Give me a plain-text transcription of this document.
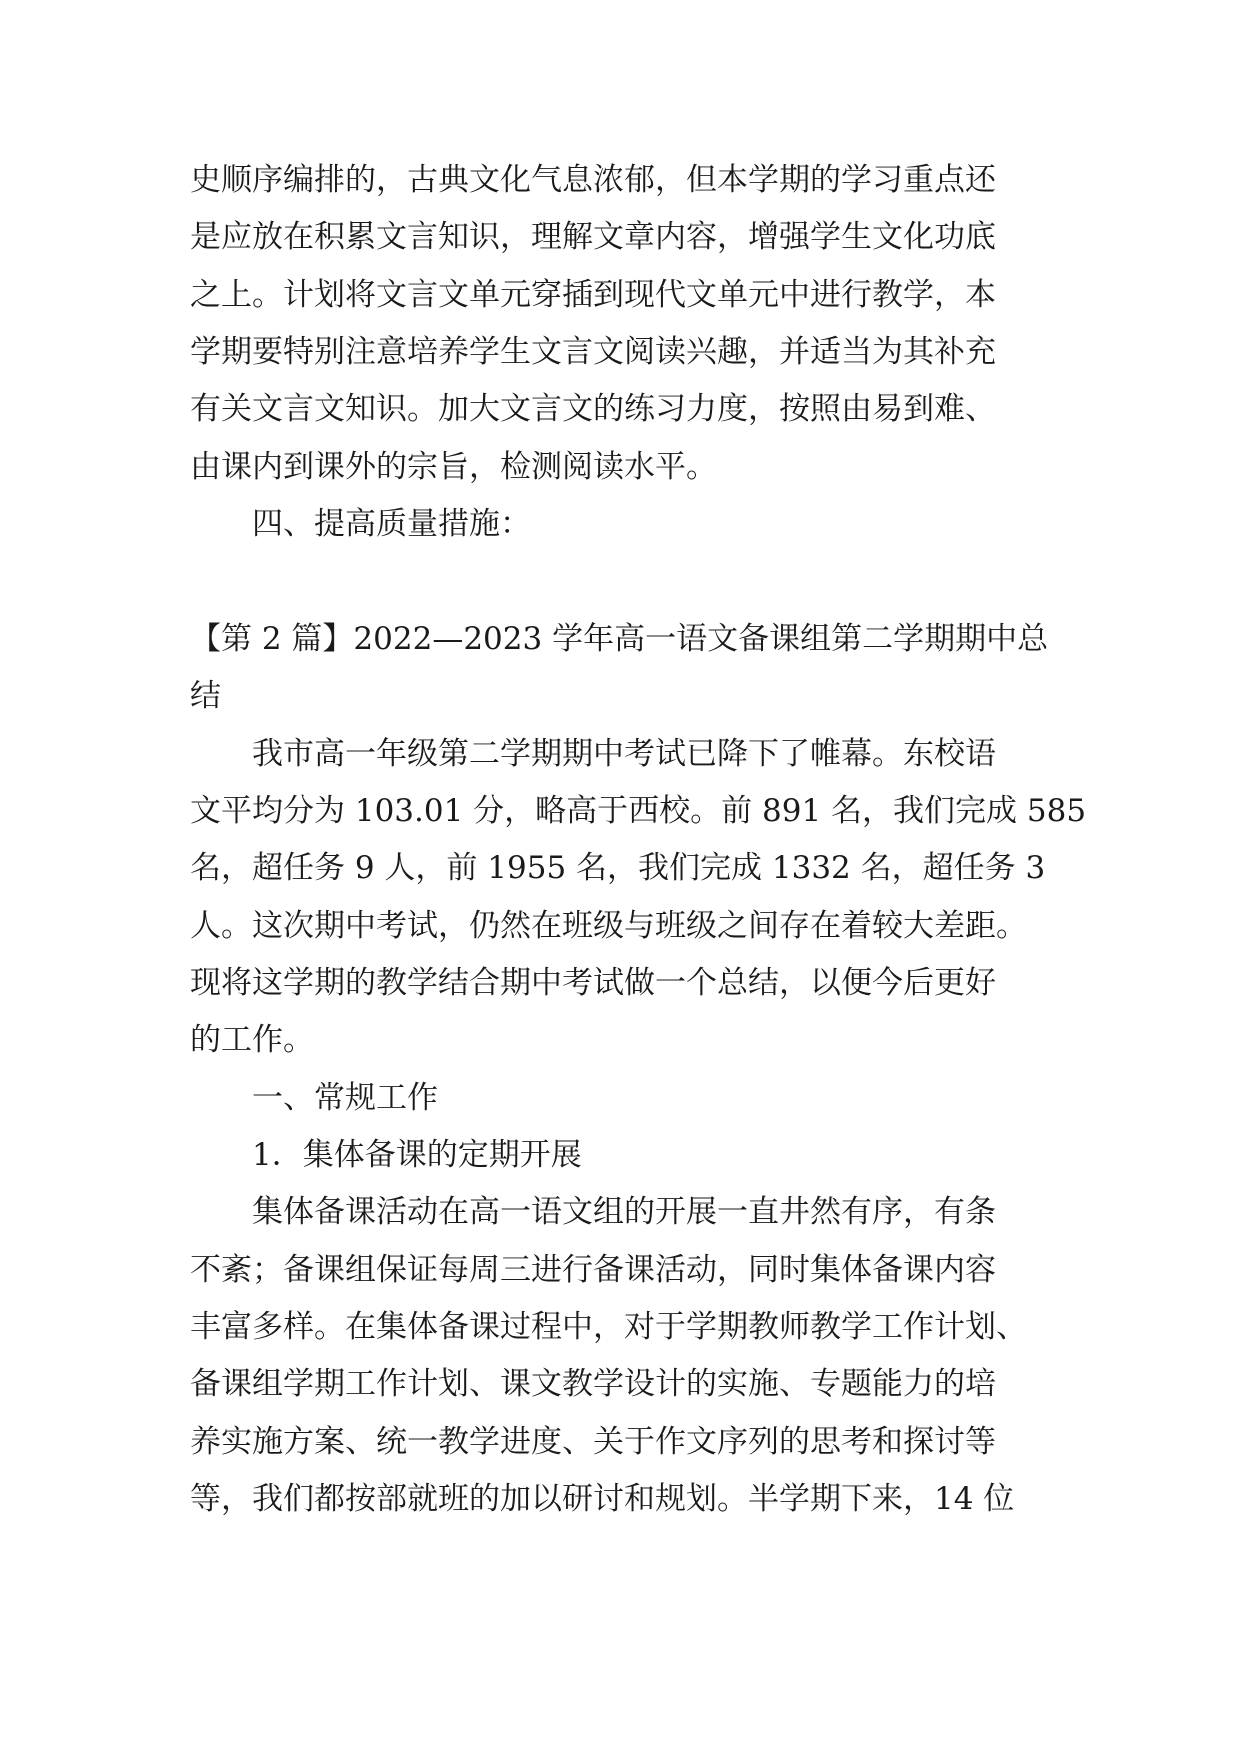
史顺序编排的，古典文化气息浓郁，但本学期的学习重点还
是应放在积累文言知识，理解文章内容，增强学生文化功底
之上。计划将文言文单元穿插到现代文单元中进行教学，本
学期要特别注意培养学生文言文阅读兴趣，并适当为其补充
有关文言文知识。加大文言文的练习力度，按照由易到难、
由课内到课外的宗旨，检测阅读水平。
四、提高质量措施：
【第 2 篇】2022—2023 学年高一语文备课组第二学期期中总
结
我市高一年级第二学期期中考试已降下了帷幕。东校语
文平均分为 103.01 分，略高于西校。前 891 名，我们完成 585
名，超任务 9 人，前 1955 名，我们完成 1332 名，超任务 3
人。这次期中考试，仍然在班级与班级之间存在着较大差距。
现将这学期的教学结合期中考试做一个总结，以便今后更好
的工作。
一、常规工作
1．集体备课的定期开展
集体备课活动在高一语文组的开展一直井然有序，有条
不紊；备课组保证每周三进行备课活动，同时集体备课内容
丰富多样。在集体备课过程中，对于学期教师教学工作计划、
备课组学期工作计划、课文教学设计的实施、专题能力的培
养实施方案、统一教学进度、关于作文序列的思考和探讨等
等，我们都按部就班的加以研讨和规划。半学期下来，14 位
